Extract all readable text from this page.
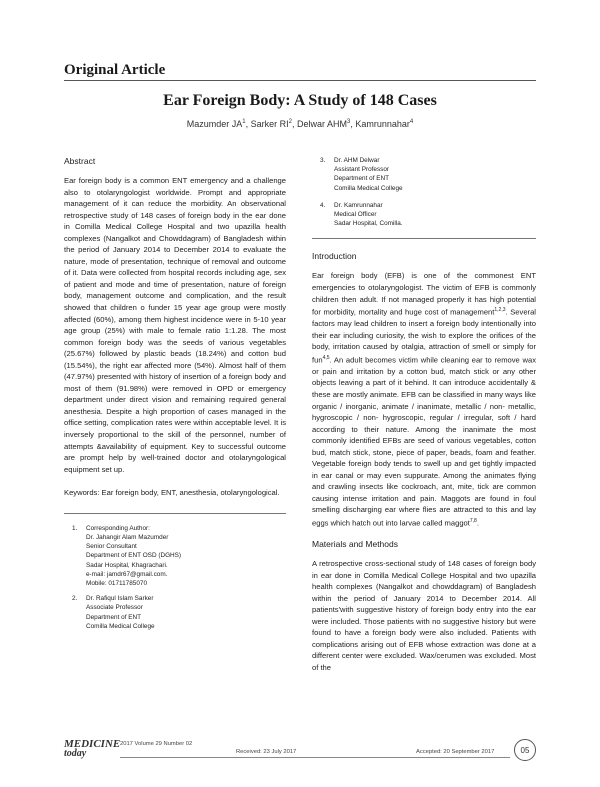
Original Article
Ear Foreign Body: A Study of 148 Cases
Mazumder $JA^1$, Sarker $RI^2$, Delwar AHM$^3$, Kamrunnahar$^4$
Abstract

Ear foreign body is a common ENT emergency and a challenge also to otolaryngologist worldwide. Prompt and appropriate management of it can reduce the morbidity. An observational retrospective study of 148 cases of foreign body in the ear done in Comilla Medical College Hospital and two upazilla health complexes (Nangalkot and Chowddagram) of Bangladesh within the period of January 2014 to December 2014 to evaluate the nature, mode of presentation, technique of removal and outcome of it. Data were collected from hospital records including age, sex of patient and mode and time of presentation, nature of foreign body, management outcome and complication, and the result showed that children o funder 15 year age group were mostly affected (60%), among them highest incidence were in 5-10 year age group (25%) with male to female ratio 1:1.28. The most common foreign body was the seeds of various vegetables (25.67%) followed by plastic beads (18.24%) and cotton bud (15.54%), the right ear affected more (54%). Almost half of them (47.97%) presented with history of insertion of a foreign body and most of them (91.98%) were removed in OPD or emergency department under direct vision and remaining required general anesthesia. Despite a high proportion of cases managed in the office setting, complication rates were within acceptable level. It is inversely proportional to the skill of the personnel, number of attempts &availability of equipment. Key to successful outcome are prompt help by well-trained doctor and otolaryngological equipment set up.

Keywords: Ear foreign body, ENT, anesthesia, otolaryngological.

1.	Corresponding Author:
Dr. Jahangir Alam Mazumder
Senior Consultant
Department of ENT OSD (DGHS)
Sadar Hospital, Khagrachari.
e-mail: jamdr67@gmail.com.
Mobile: 01711785070
2.	Dr. Rafiqul Islam Sarker
Associate Professor
Department of ENT
Comilla Medical College
3.	Dr. AHM Delwar
Assistant Professor
Department of ENT
Comilla Medical College
4.	Dr. Kamrunnahar
Medical Officer
Sadar Hospital, Comilla.
Introduction

Ear foreign body (EFB) is one of the commonest ENT emergencies to otolaryngologist. The victim of EFB is commonly children then adult. If not managed properly it has high potential for morbidity, mortality and huge cost of management$^{1,2,3}$. Several factors may lead children to insert a foreign body intentionally into their ear including curiosity, the wish to explore the orifices of the body, irritation caused by otalgia, attraction of smell or simply for fun$^{4,5}$. An adult becomes victim while cleaning ear to remove wax or pain and irritation by a cotton bud, match stick or any other objects leaving a part of it behind. It can introduce accidentally & these are mostly animate. EFB can be classified in many ways like organic / inorganic, animate / inanimate, metallic / non- metallic, hygroscopic / non- hygroscopic, regular / irregular, soft / hard according to their nature. Among the inanimate the most commonly identified EFBs are seed of various vegetables, cotton bud, match stick, stone, piece of paper, beads, foam and feather. Vegetable foreign body tends to swell up and get tightly impacted in ear canal or may even suppurate. Among the animates flying and crawling insects like cockroach, ant, mite, tick are common causing intense irritation and pain. Maggots are found in foul smelling discharging ear where flies are attracted to this and lay eggs which hatch out into larvae called maggot$^{7,8}$.

Materials and Methods

A retrospective cross-sectional study of 148 cases of foreign body in ear done in Comilla Medical College Hospital and two upazilla health complexes (Nangalkot and chowddagram) of Bangladesh within the period of January 2014 to December 2014. All patients'with suggestive history of foreign body entry into the ear were included. Those patients with no suggestive history but were found to have a foreign body were also included. Patients with complications arising out of EFB whose extraction was done at a different center were excluded. Wax/cerumen was excluded. Most of the

MEDICINE
today
2017 Volume 29 Number 02
Received: 23 July 2017	Accepted: 20 September 2017	05
